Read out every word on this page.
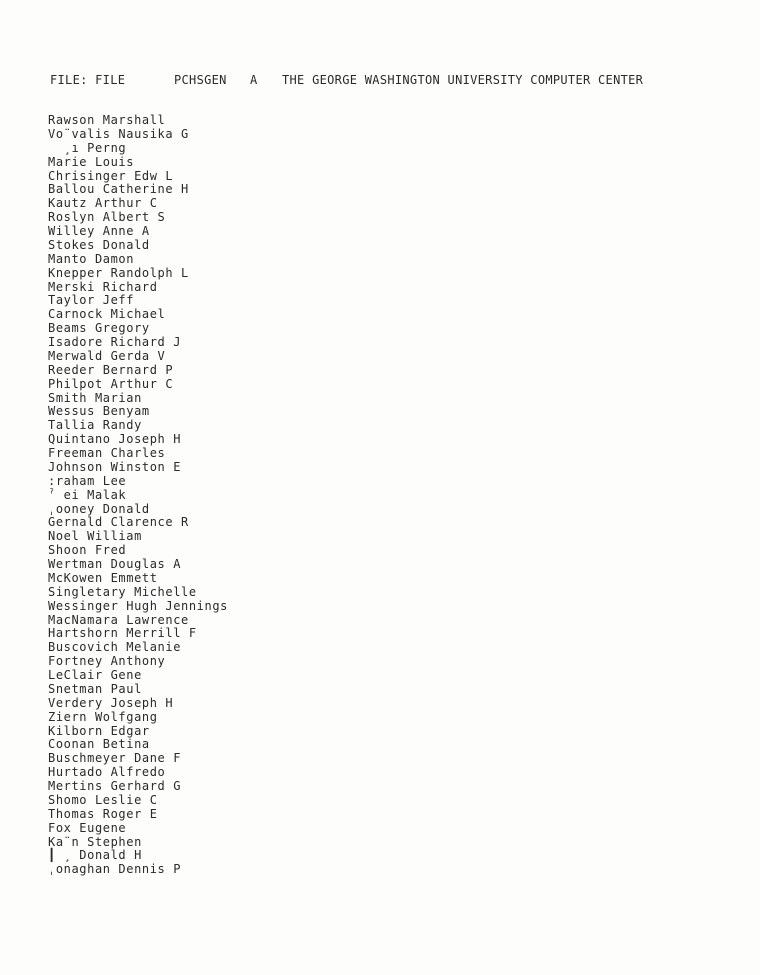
FILE: FILE	PCHSGEN A THE GEORGE WASHINGTON UNIVERSITY COMPUTER CENTER
Rawson Marshall
Vo¨valis Nausika G
¸ı Perng
Marie Louis
Chrisinger Edw L
Ballou Catherine H
Kautz Arthur C
Roslyn Albert S
Willey Anne A
Stokes Donald
Manto Damon
Knepper Randolph L
Merski Richard
Taylor Jeff
Carnock Michael
Beams Gregory
Isadore Richard J
Merwald Gerda V
Reeder Bernard P
Philpot Arthur C
Smith Marian
Wessus Benyam
Tallia Randy
Quintano Joseph H
Freeman Charles
Johnson Winston E
:raham Lee
ˀ ei Malak
ˌooney Donald
Gernald Clarence R
Noel William
Shoon Fred
Wertman Douglas A
McKowen Emmett
Singletary Michelle
Wessinger Hugh Jennings
MacNamara Lawrence
Hartshorn Merrill F
Buscovich Melanie
Fortney Anthony
LeClair Gene
Snetman Paul
Verdery Joseph H
Ziern Wolfgang
Kilborn Edgar
Coonan Betina
Buschmeyer Dane F
Hurtado Alfredo
Mertins Gerhard G
Shomo Leslie C
Thomas Roger E
Fox Eugene
Ka¨n Stephen
┃ ¸ Donald H
ˌonaghan Dennis P
